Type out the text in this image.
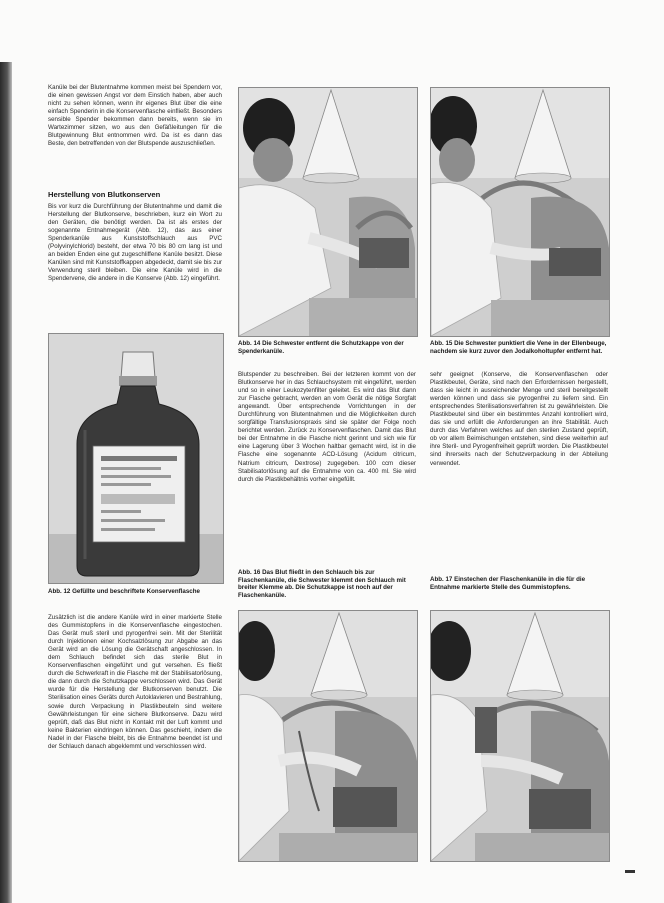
Kanüle bei der Blutentnahme kommen meist bei Spendern vor, die einen gewissen Angst vor dem Einstich haben, aber auch nicht zu sehen können, wenn ihr eigenes Blut über die eine einfach Spenderin in die Konservenflasche einfließt. Besonders sensible Spender bekommen dann bereits, wenn sie im Wartezimmer sitzen, wo aus den Gefäßleitungen für die Blutgewinnung Blut entnommen wird. Da ist es dann das Beste, den betreffenden von der Blutspende auszuschließen.

Herstellung von Blutkonserven

Bis vor kurz die Durchführung der Blutentnahme und damit die Herstellung der Blutkonserve, beschrieben, kurz ein Wort zu den Geräten, die benötigt werden. Da ist als erstes der sogenannte Entnahmegerät (Abb. 12), das aus einer Spenderkanüle aus Kunststoffschlauch aus PVC (Polyvinylchlorid) besteht, der etwa 70 bis 80 cm lang ist und an beiden Enden eine gut zugeschliffene Kanüle besitzt. Diese Kanülen sind mit Kunststoffkappen abgedeckt, damit sie bis zur Verwendung steril bleiben. Die eine Kanüle wird in die Spendervene, die andere in die Konserve (Abb. 12) eingeführt.

Abb. 12 Gefüllte und beschriftete Konservenflasche
Abb. 14 Die Schwester entfernt die Schutzkappe von der Spenderkanüle.
Abb. 15 Die Schwester punktiert die Vene in der Ellenbeuge, nachdem sie kurz zuvor den Jodalkoholtupfer entfernt hat.

Blutspender zu beschreiben. Bei der letzteren kommt von der Blutkonserve her in das Schlauchsystem mit eingeführt, werden und so in einer Leukozytenfilter geleitet. Es wird das Blut dann zur Flasche gebracht, werden an vom Gerät die nötige Sorgfalt angewandt. Über entsprechende Vorrichtungen in der Durchführung von Blutentnahmen und die Möglichkeiten durch sorgfältige Transfusionspraxis sind sie später der Folge noch berichtet werden. Zurück zu Konservenflaschen. Damit das Blut bei der Entnahme in die Flasche nicht gerinnt und sich wie für eine Lagerung über 3 Wochen haltbar gemacht wird, ist in die Flasche eine sogenannte ACD-Lösung (Acidum citricum, Natrium citricum, Dextrose) zugegeben. 100 ccm dieser Stabilisatorlösung auf die Entnahme von ca. 400 ml. Sie wird durch die Plastikbehältnis vorher eingefüllt.

sehr geeignet (Konserve, die Konservenflaschen oder Plastikbeutel, Geräte, sind nach den Erfordernissen hergestellt, dass sie leicht in ausreichender Menge und steril bereitgestellt werden können und dass sie pyrogenfrei zu liefern sind. Ein entsprechendes Sterilisationsverfahren ist zu gewährleisten. Die Plastikbeutel sind über ein bestimmtes Anzahl kontrolliert wird, das sie und erfüllt die Anforderungen an ihre Stabilität. Auch durch das Verfahren welches auf den sterilen Zustand geprüft, ob vor allem Beimischungen entstehen, sind diese weiterhin auf ihre Steril- und Pyrogenfreiheit geprüft worden. Die Plastikbeutel sind ihrerseits nach der Schutzverpackung in der Abteilung verwendet.

Abb. 16 Das Blut fließt in den Schlauch bis zur Flaschenkanüle, die Schwester klemmt den Schlauch mit breiter Klemme ab. Die Schutzkappe ist noch auf der Flaschenkanüle.
Abb. 17 Einstechen der Flaschenkanüle in die für die Entnahme markierte Stelle des Gummistopfens.

Zusätzlich ist die andere Kanüle wird in einer markierte Stelle des Gummistopfens in die Konservenflasche eingestochen. Das Gerät muß steril und pyrogenfrei sein. Mit der Sterilität durch Injektionen einer Kochsalzlösung zur Abgabe an das Gerät wird an die Lösung die Gerätschaft angeschlossen. In dem Schlauch befindet sich das sterile Blut in Konservenflaschen eingeführt und gut versehen. Es fließt durch die Schwerkraft in die Flasche mit der Stabilisatorlösung, die dann durch die Schutzkappe verschlossen wird. Das Gerät wurde für die Herstellung der Blutkonserven benutzt. Die Sterilisation eines Geräts durch Autoklavieren und Bestrahlung, sowie durch Verpackung in Plastikbeuteln sind weitere Gewährleistungen für eine sichere Blutkonserve. Dazu wird geprüft, daß das Blut nicht in Kontakt mit der Luft kommt und keine Bakterien eindringen können. Das geschieht, indem die Nadel in der Flasche bleibt, bis die Entnahme beendet ist und der Schlauch danach abgeklemmt und verschlossen wird.
